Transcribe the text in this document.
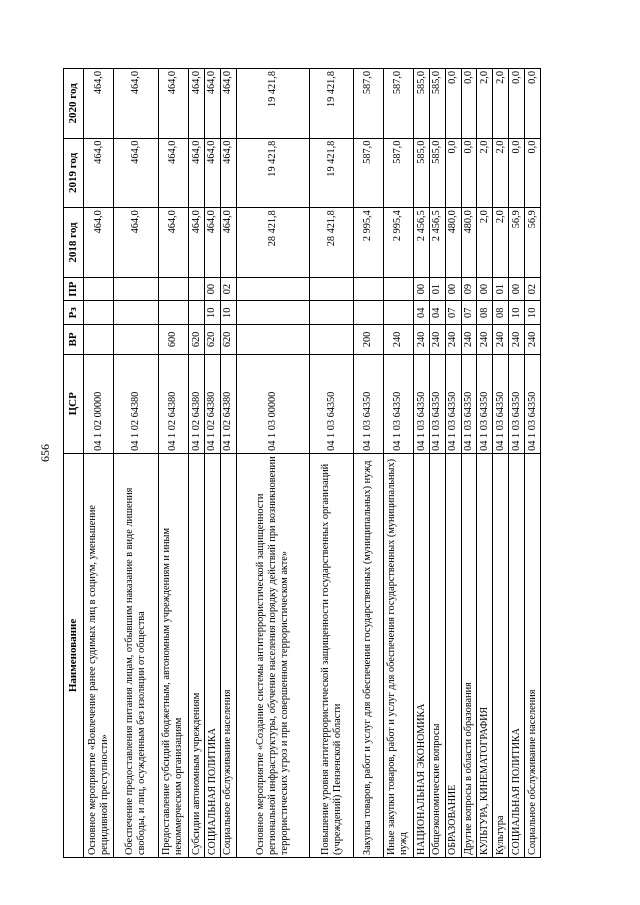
656
Наименование	ЦСР	ВР	Рз	ПР	2018 год	2019 год	2020 год
Основное мероприятие «Вовлечение ранее судимых лиц в социум, уменьшение рецидивной преступности»	04 1 02 00000				464,0	464,0	464,0
Обеспечение предоставления питания лицам, отбывшим наказание в виде лишения свободы, и лиц, осужденным без изоляции от общества	04 1 02 64380				464,0	464,0	464,0
Предоставление субсидий бюджетным, автономным учреждениям и иным некоммерческим организациям	04 1 02 64380	600			464,0	464,0	464,0
Субсидии автономным учреждениям	04 1 02 64380	620			464,0	464,0	464,0
СОЦИАЛЬНАЯ ПОЛИТИКА	04 1 02 64380	620	10	00	464,0	464,0	464,0
Социальное обслуживание населения	04 1 02 64380	620	10	02	464,0	464,0	464,0
Основное мероприятие «Создание системы антитеррористической защищенности региональной инфраструктуры, обучение населения порядку действий при возникновении террористических угроз и при совершенном террористическом акте»	04 1 03 00000				28 421,8	19 421,8	19 421,8
Повышение уровня антитеррористической защищенности государственных организаций (учреждений) Пензенской области	04 1 03 64350				28 421,8	19 421,8	19 421,8
Закупка товаров, работ и услуг для обеспечения государственных (муниципальных) нужд	04 1 03 64350	200			2 995,4	587,0	587,0
Иные закупки товаров, работ и услуг для обеспечения государственных (муниципальных) нужд	04 1 03 64350	240			2 995,4	587,0	587,0
НАЦИОНАЛЬНАЯ ЭКОНОМИКА	04 1 03 64350	240	04	00	2 456,5	585,0	585,0
Общеэкономические вопросы	04 1 03 64350	240	04	01	2 456,5	585,0	585,0
ОБРАЗОВАНИЕ	04 1 03 64350	240	07	00	480,0	0,0	0,0
Другие вопросы в области образования	04 1 03 64350	240	07	09	480,0	0,0	0,0
КУЛЬТУРА, КИНЕМАТОГРАФИЯ	04 1 03 64350	240	08	00	2,0	2,0	2,0
Культура	04 1 03 64350	240	08	01	2,0	2,0	2,0
СОЦИАЛЬНАЯ ПОЛИТИКА	04 1 03 64350	240	10	00	56,9	0,0	0,0
Социальное обслуживание населения	04 1 03 64350	240	10	02	56,9	0,0	0,0
